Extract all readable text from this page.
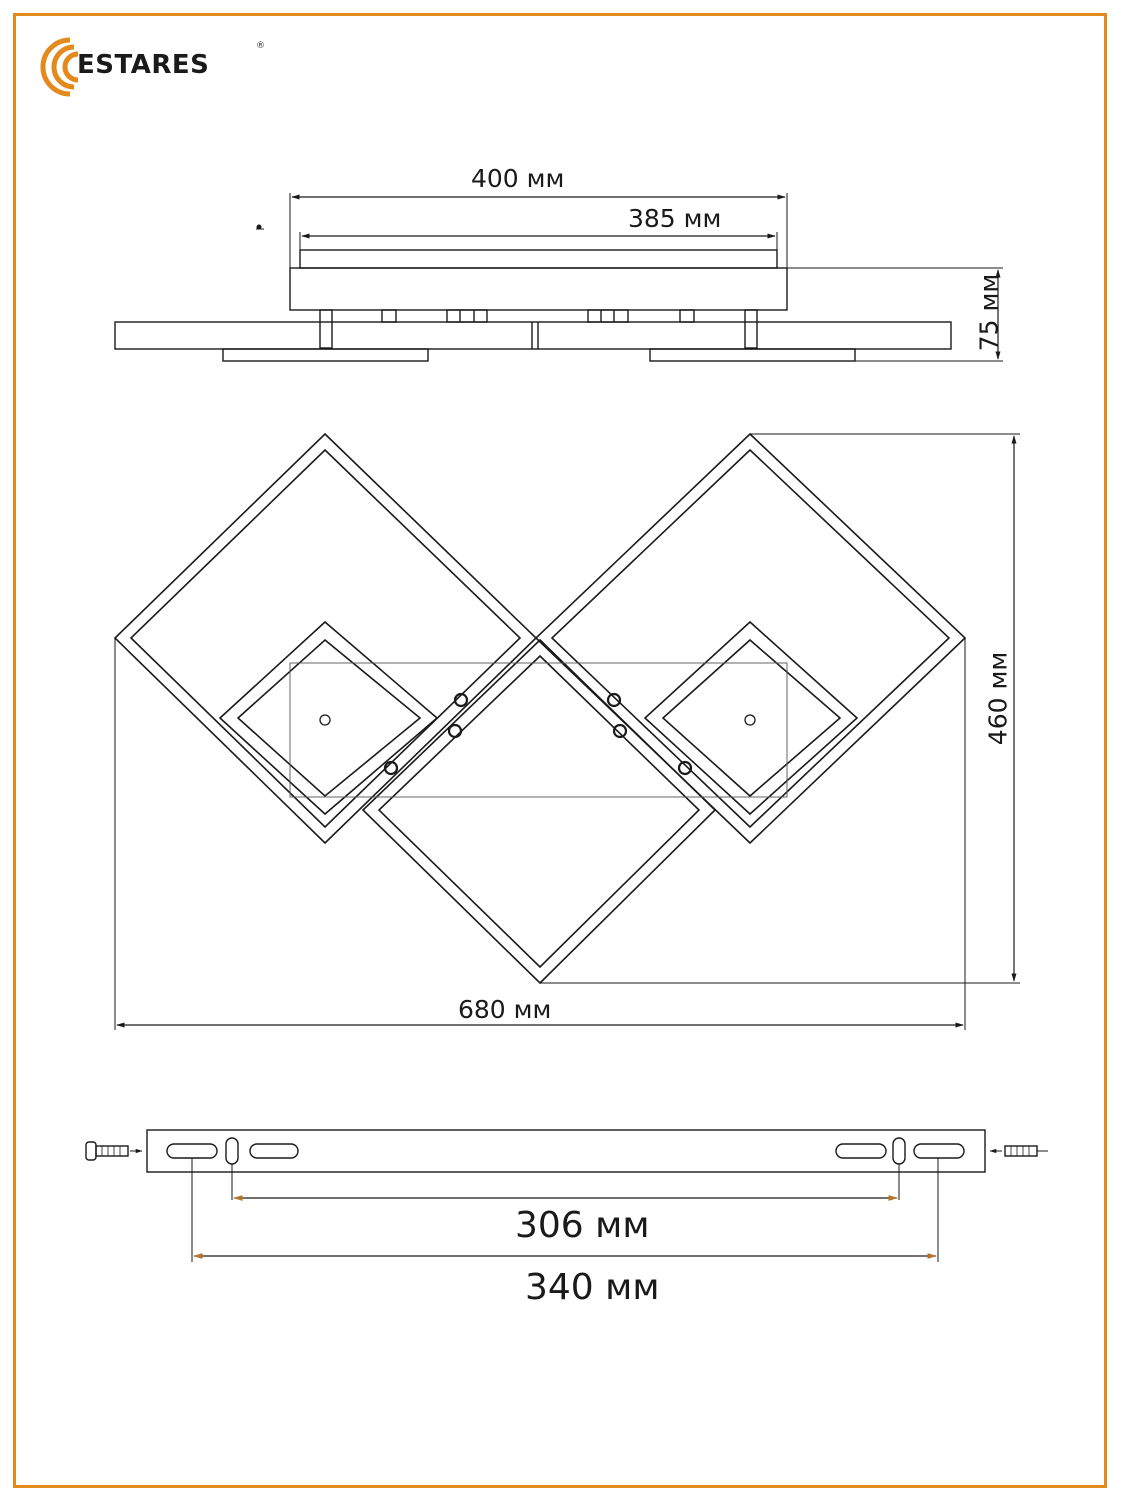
ESTARES
®
400 мм
385 мм
75 мм
460 мм
680 мм
306 мм
340 мм
